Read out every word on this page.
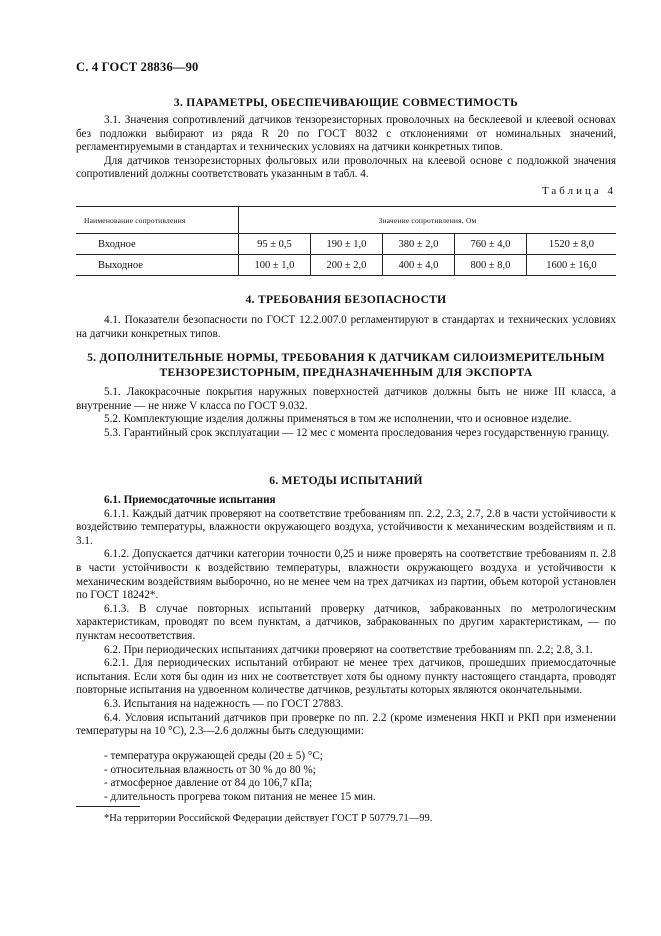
С. 4 ГОСТ 28836—90
3. ПАРАМЕТРЫ, ОБЕСПЕЧИВАЮЩИЕ СОВМЕСТИМОСТЬ

3.1. Значения сопротивлений датчиков тензорезисторных проволочных на бесклеевой и клеевой основах без подложки выбирают из ряда R 20 по ГОСТ 8032 с отклонениями от номинальных значений, регламентируемыми в стандартах и технических условиях на датчики конкретных типов.

Для датчиков тензорезисторных фольговых или проволочных на клеевой основе с подложкой значения сопротивлений должны соответствовать указанным в табл. 4.

Таблица 4
Наименование сопротивления	Значение сопротивления, Ом				
Входное	95 ± 0,5	190 ± 1,0	380 ± 2,0	760 ± 4,0	1520 ± 8,0
Выходное	100 ± 1,0	200 ± 2,0	400 ± 4,0	800 ± 8,0	1600 ± 16,0
4. ТРЕБОВАНИЯ БЕЗОПАСНОСТИ

4.1. Показатели безопасности по ГОСТ 12.2.007.0 регламентируют в стандартах и технических условиях на датчики конкретных типов.

5. ДОПОЛНИТЕЛЬНЫЕ НОРМЫ, ТРЕБОВАНИЯ К ДАТЧИКАМ СИЛОИЗМЕРИТЕЛЬНЫМ
ТЕНЗОРЕЗИСТОРНЫМ, ПРЕДНАЗНАЧЕННЫМ ДЛЯ ЭКСПОРТА

5.1. Лакокрасочные покрытия наружных поверхностей датчиков должны быть не ниже III класса, а внутренние — не ниже V класса по ГОСТ 9.032.

5.2. Комплектующие изделия должны применяться в том же исполнении, что и основное изделие.

5.3. Гарантийный срок эксплуатации — 12 мес с момента проследования через государственную границу.

6. МЕТОДЫ ИСПЫТАНИЙ

6.1. Приемосдаточные испытания

6.1.1. Каждый датчик проверяют на соответствие требованиям пп. 2.2, 2.3, 2.7, 2.8 в части устойчивости к воздействию температуры, влажности окружающего воздуха, устойчивости к механическим воздействиям и п. 3.1.

6.1.2. Допускается датчики категории точности 0,25 и ниже проверять на соответствие требованиям п. 2.8 в части устойчивости к воздействию температуры, влажности окружающего воздуха и устойчивости к механическим воздействиям выборочно, но не менее чем на трех датчиках из партии, объем которой установлен по ГОСТ 18242*.

6.1.3. В случае повторных испытаний проверку датчиков, забракованных по метрологическим характеристикам, проводят по всем пунктам, а датчиков, забракованных по другим характеристикам, — по пунктам несоответствия.

6.2. При периодических испытаниях датчики проверяют на соответствие требованиям пп. 2.2; 2.8, 3.1.

6.2.1. Для периодических испытаний отбирают не менее трех датчиков, прошедших приемосдаточные испытания. Если хотя бы один из них не соответствует хотя бы одному пункту настоящего стандарта, проводят повторные испытания на удвоенном количестве датчиков, результаты которых являются окончательными.

6.3. Испытания на надежность — по ГОСТ 27883.

6.4. Условия испытаний датчиков при проверке по пп. 2.2 (кроме изменения НКП и РКП при изменении температуры на 10 °С), 2.3—2.6 должны быть следующими:

- температура окружающей среды (20 ± 5) °С;
- относительная влажность от 30 % до 80 %;
- атмосферное давление от 84 до 106,7 кПа;
- длительность прогрева током питания не менее 15 мин.
*На территории Российской Федерации действует ГОСТ Р 50779.71—99.
